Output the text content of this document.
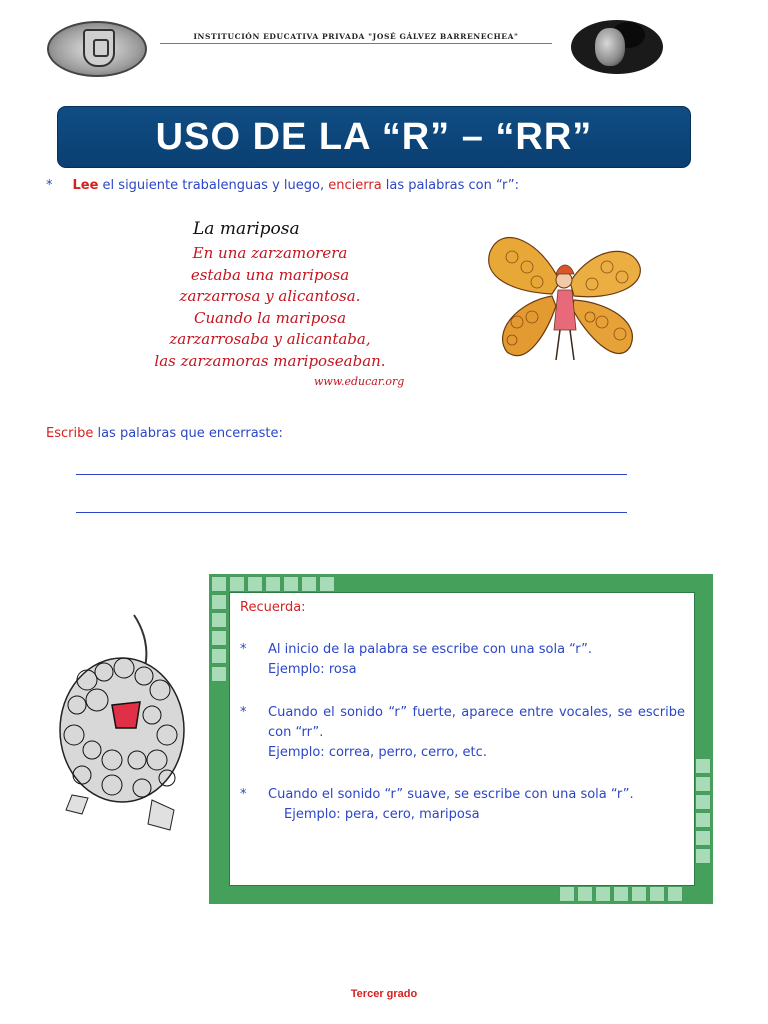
INSTITUCIÓN EDUCATIVA PRIVADA "JOSÉ GÁLVEZ BARRENECHEA"
USO DE LA “R” – “RR”
* Lee el siguiente trabalenguas y luego, encierra las palabras con “r”:
La mariposa
En una zarzamorera
estaba una mariposa
zarzarrosa y alicantosa.
Cuando la mariposa
zarzarrosaba y alicantaba,
las zarzamoras mariposeaban.
www.educar.org
Escribe las palabras que encerraste:
Recuerda:
* Al inicio de la palabra se escribe con una sola “r”.
Ejemplo: rosa
* Cuando el sonido “r” fuerte, aparece entre vocales, se escribe con “rr”.
Ejemplo: correa, perro, cerro, etc.
* Cuando el sonido “r” suave, se escribe con una sola “r”.
Ejemplo: pera, cero, mariposa
Tercer grado
